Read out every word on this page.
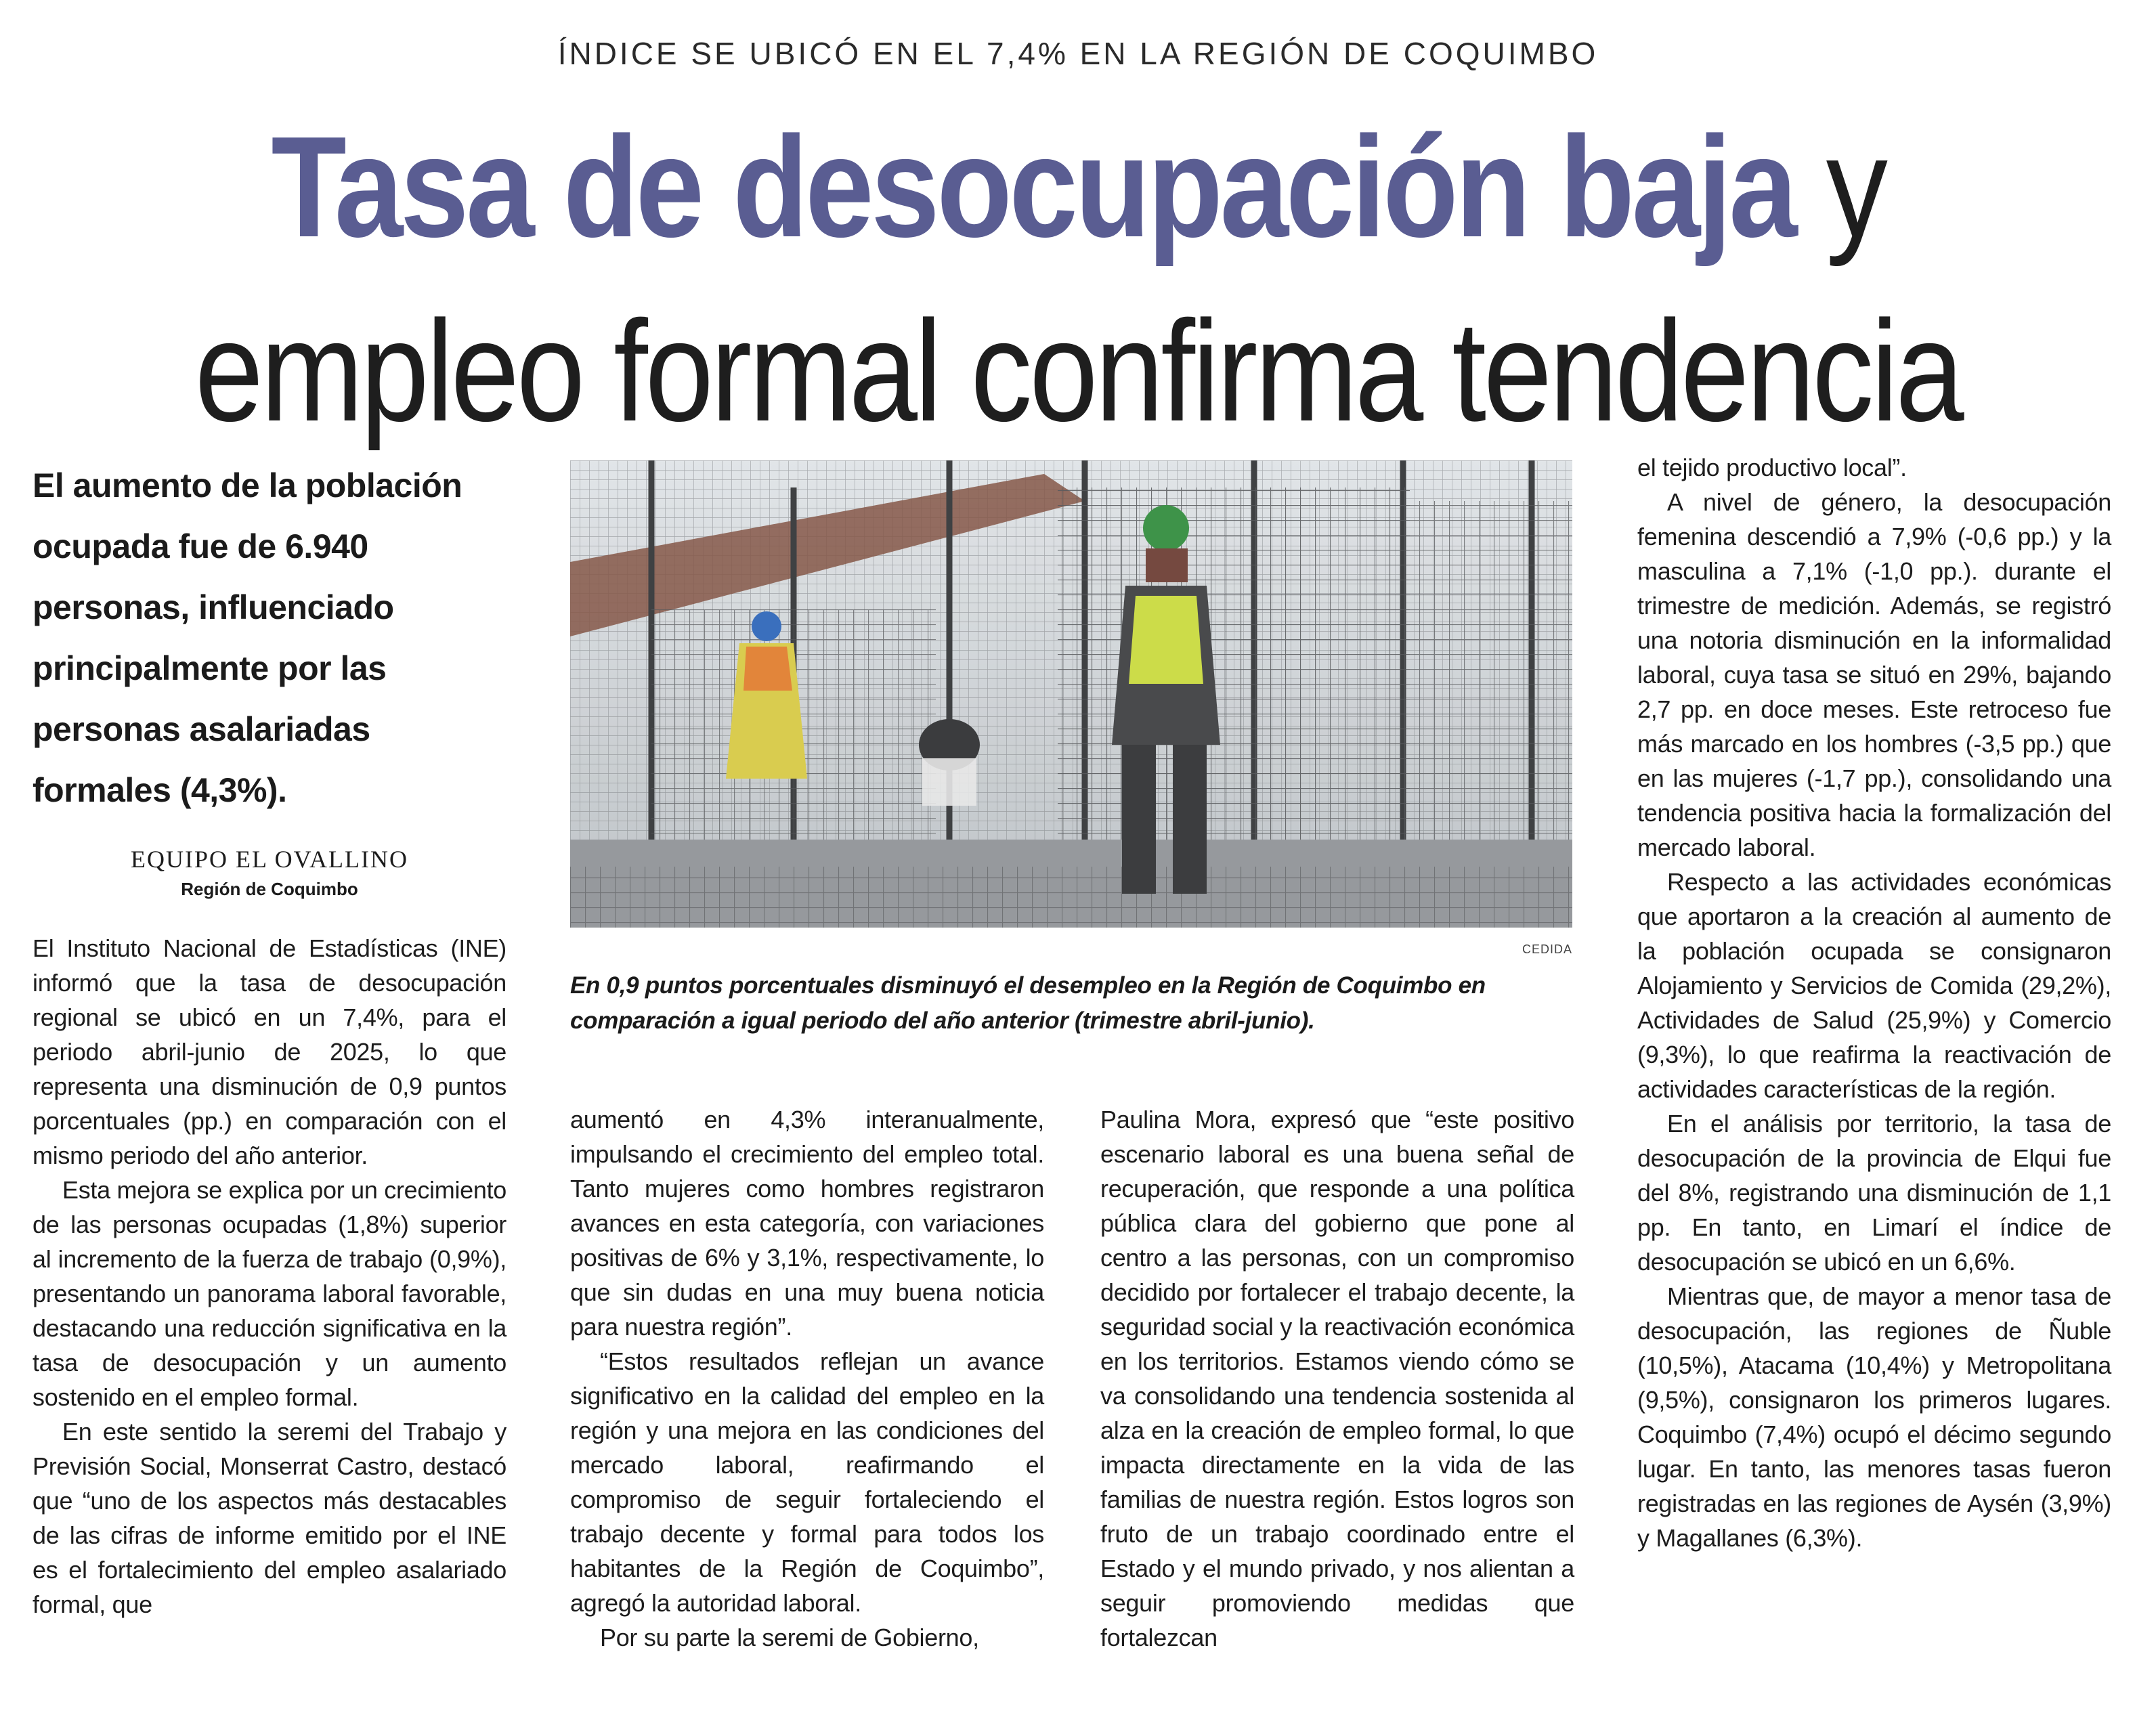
ÍNDICE SE UBICÓ EN EL 7,4% EN LA REGIÓN DE COQUIMBO
Tasa de desocupación baja y empleo formal confirma tendencia
El aumento de la población ocupada fue de 6.940 personas, influenciado principalmente por las personas asalariadas formales (4,3%).
EQUIPO EL OVALLINO
Región de Coquimbo

El Instituto Nacional de Estadísticas (INE) informó que la tasa de desocupación regional se ubicó en un 7,4%, para el periodo abril-junio de 2025, lo que representa una disminución de 0,9 puntos porcentuales (pp.) en comparación con el mismo periodo del año anterior.

Esta mejora se explica por un crecimiento de las personas ocupadas (1,8%) superior al incremento de la fuerza de trabajo (0,9%), presentando un panorama laboral favorable, destacando una reducción significativa en la tasa de desocupación y un aumento sostenido en el empleo formal.

En este sentido la seremi del Trabajo y Previsión Social, Monserrat Castro, destacó que “uno de los aspectos más destacables de las cifras de informe emitido por el INE es el fortalecimiento del empleo asalariado formal, que

CEDIDA
En 0,9 puntos porcentuales disminuyó el desempleo en la Región de Coquimbo en comparación a igual periodo del año anterior (trimestre abril-junio).

aumentó en 4,3% interanualmente, impulsando el crecimiento del empleo total. Tanto mujeres como hombres registraron avances en esta categoría, con variaciones positivas de 6% y 3,1%, respectivamente, lo que sin dudas en una muy buena noticia para nuestra región”.

“Estos resultados reflejan un avance significativo en la calidad del empleo en la región y una mejora en las condiciones del mercado laboral, reafirmando el compromiso de seguir fortaleciendo el trabajo decente y formal para todos los habitantes de la Región de Coquimbo”, agregó la autoridad laboral.

Por su parte la seremi de Gobierno,

Paulina Mora, expresó que “este positivo escenario laboral es una buena señal de recuperación, que responde a una política pública clara del gobierno que pone al centro a las personas, con un compromiso decidido por fortalecer el trabajo decente, la seguridad social y la reactivación económica en los territorios. Estamos viendo cómo se va consolidando una tendencia sostenida al alza en la creación de empleo formal, lo que impacta directamente en la vida de las familias de nuestra región. Estos logros son fruto de un trabajo coordinado entre el Estado y el mundo privado, y nos alientan a seguir promoviendo medidas que fortalezcan

el tejido productivo local”.

A nivel de género, la desocupación femenina descendió a 7,9% (-0,6 pp.) y la masculina a 7,1% (-1,0 pp.). durante el trimestre de medición. Además, se registró una notoria disminución en la informalidad laboral, cuya tasa se situó en 29%, bajando 2,7 pp. en doce meses. Este retroceso fue más marcado en los hombres (-3,5 pp.) que en las mujeres (-1,7 pp.), consolidando una tendencia positiva hacia la formalización del mercado laboral.

Respecto a las actividades económicas que aportaron a la creación al aumento de la población ocupada se consignaron Alojamiento y Servicios de Comida (29,2%), Actividades de Salud (25,9%) y Comercio (9,3%), lo que reafirma la reactivación de actividades características de la región.

En el análisis por territorio, la tasa de desocupación de la provincia de Elqui fue del 8%, registrando una disminución de 1,1 pp. En tanto, en Limarí el índice de desocupación se ubicó en un 6,6%.

Mientras que, de mayor a menor tasa de desocupación, las regiones de Ñuble (10,5%), Atacama (10,4%) y Metropolitana (9,5%), consignaron los primeros lugares. Coquimbo (7,4%) ocupó el décimo segundo lugar. En tanto, las menores tasas fueron registradas en las regiones de Aysén (3,9%) y Magallanes (6,3%).
